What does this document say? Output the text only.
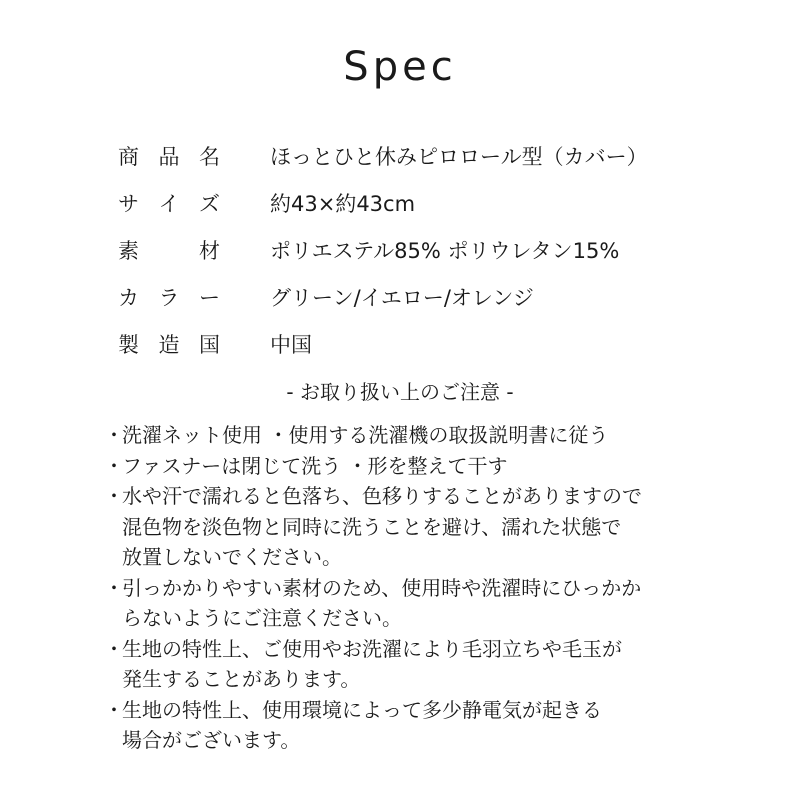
Spec
商 品 名 ほっとひと休みピロロール型（カバー）
サ イ ズ 約43×約43cm
素	材 ポリエステル85% ポリウレタン15%
カ ラ ー グリーン/イエロー/オレンジ
製 造 国 中国
- お取り扱い上のご注意 -
・洗濯ネット使用 ・使用する洗濯機の取扱説明書に従う
・ファスナーは閉じて洗う ・形を整えて干す
・水や汗で濡れると色落ち、色移りすることがありますので
混色物を淡色物と同時に洗うことを避け、濡れた状態で
放置しないでください。
・引っかかりやすい素材のため、使用時や洗濯時にひっかか
らないようにご注意ください。
・生地の特性上、ご使用やお洗濯により毛羽立ちや毛玉が
発生することがあります。
・生地の特性上、使用環境によって多少静電気が起きる
場合がございます。
